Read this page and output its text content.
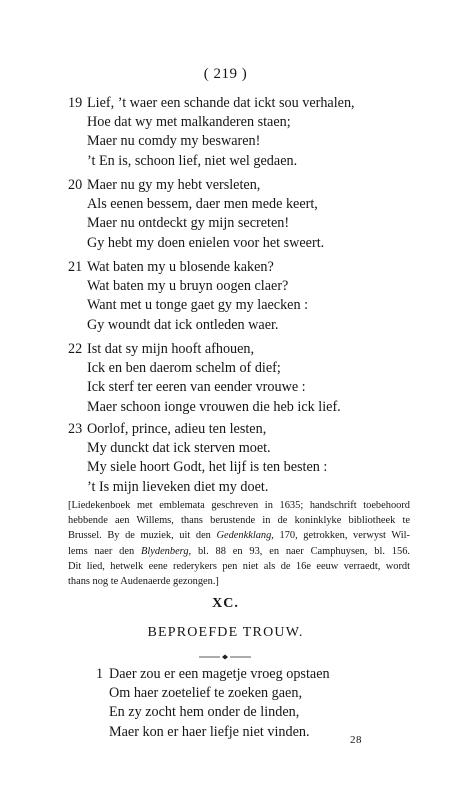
( 219 )
19 Lief, ’t waer een schande dat ickt sou verhalen,
Hoe dat wy met malkanderen staen;
Maer nu comdy my beswaren!
’t En is, schoon lief, niet wel gedaen.
20 Maer nu gy my hebt versleten,
Als eenen bessem, daer men mede keert,
Maer nu ontdeckt gy mijn secreten!
Gy hebt my doen enielen voor het sweert.
21 Wat baten my u blosende kaken?
Wat baten my u bruyn oogen claer?
Want met u tonge gaet gy my laecken :
Gy woundt dat ick ontleden waer.
22 Ist dat sy mijn hooft afhouen,
Ick en ben daerom schelm of dief;
Ick sterf ter eeren van eender vrouwe :
Maer schoon ionge vrouwen die heb ick lief.
23 Oorlof, prince, adieu ten lesten,
My dunckt dat ick sterven moet.
My siele hoort Godt, het lijf is ten besten :
’t Is mijn lieveken diet my doet.
[Liedekenboek met emblemata geschreven in 1635; handschrift toebehoord
hebbende aen Willems, thans berustende in de koninklyke bibliotheek te
Brussel. By de muziek, uit den Gedenkklang, 170, getrokken, verwyst Wil-
lems naer den Blydenberg, bl. 88 en 93, en naer Camphuysen, bl. 156.
Dit lied, hetwelk eene rederykers pen niet als de 16e eeuw verraedt, wordt
thans nog te Audenaerde gezongen.]
XC.
BEPROEFDE TROUW.
1 Daer zou er een magetje vroeg opstaen
Om haer zoetelief te zoeken gaen,
En zy zocht hem onder de linden,
Maer kon er haer liefje niet vinden.
28
